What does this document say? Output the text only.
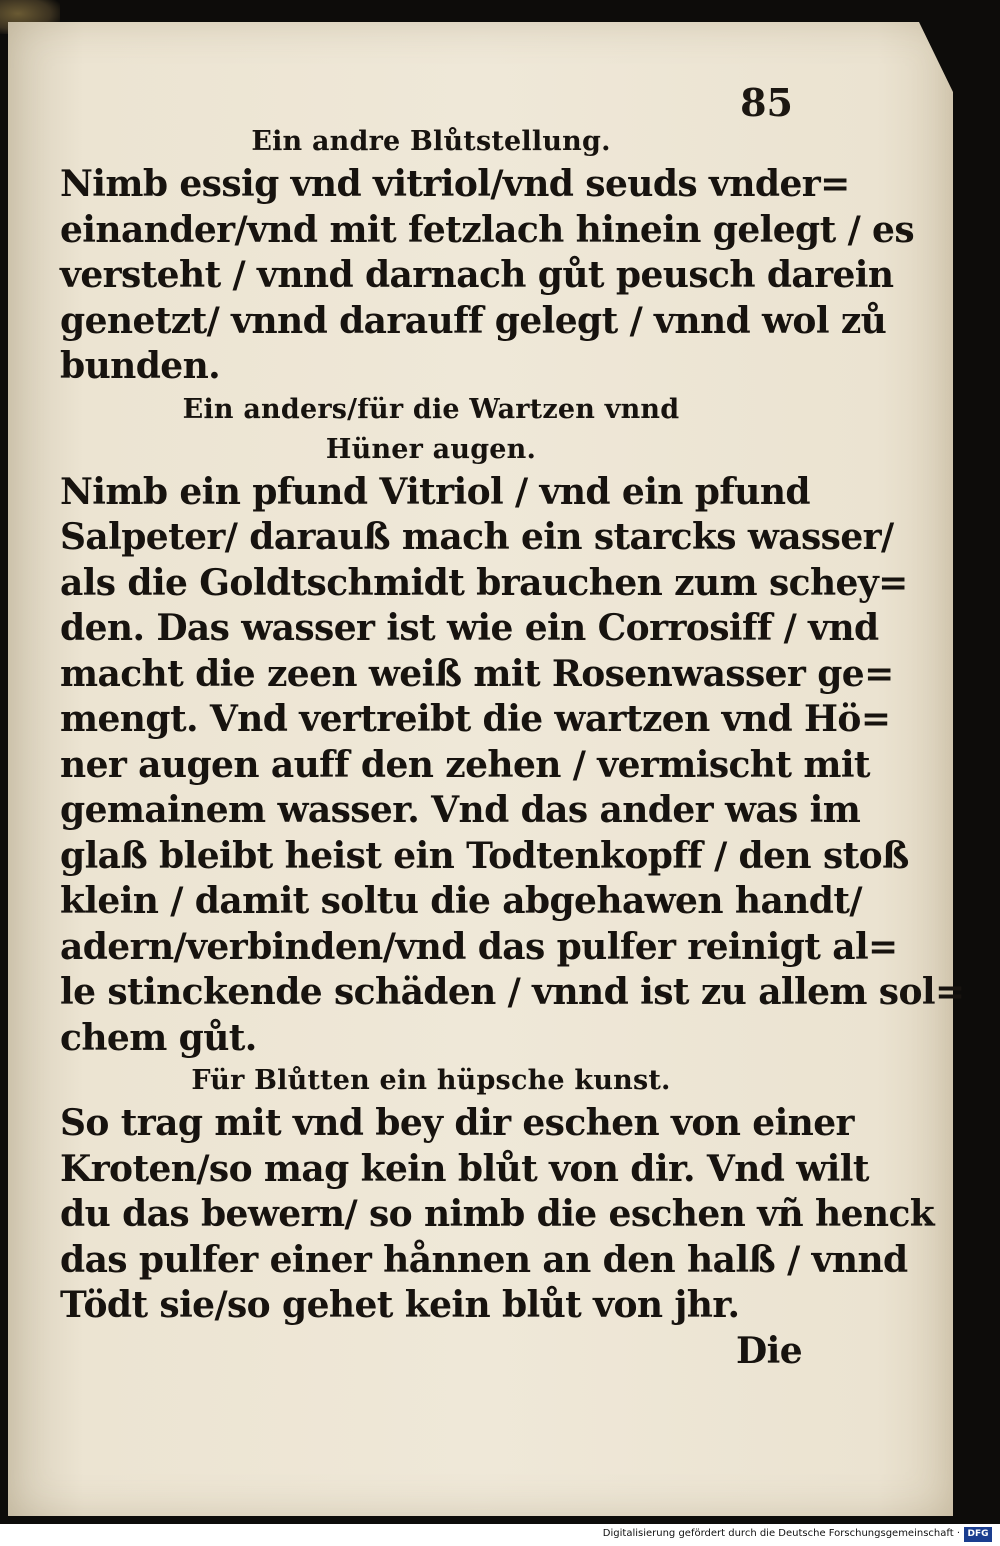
85

Ein andre Blůtstellung.

Nimb essig vnd vitriol/vnd seuds vnder=

einander/vnd mit fetzlach hinein gelegt / es

versteht / vnnd darnach gůt peusch darein

genetzt/ vnnd darauff gelegt / vnnd wol zů

bunden.

Ein anders/für die Wartzen vnnd

Hüner augen.

Nimb ein pfund Vitriol / vnd ein pfund

Salpeter/ darauß mach ein starcks wasser/

als die Goldtschmidt brauchen zum schey=

den. Das wasser ist wie ein Corrosiff / vnd

macht die zeen weiß mit Rosenwasser ge=

mengt. Vnd vertreibt die wartzen vnd Hö=

ner augen auff den zehen / vermischt mit

gemainem wasser. Vnd das ander was im

glaß bleibt heist ein Todtenkopff / den stoß

klein / damit soltu die abgehawen handt/

adern/verbinden/vnd das pulfer reinigt al=

le stinckende schäden / vnnd ist zu allem sol=

chem gůt.

Für Blůtten ein hüpsche kunst.

So trag mit vnd bey dir eschen von einer

Kroten/so mag kein blůt von dir. Vnd wilt

du das bewern/ so nimb die eschen vñ henck

das pulfer einer hånnen an den halß / vnnd

Tödt sie/so gehet kein blůt von jhr.

Die

Digitalisierung gefördert durch die Deutsche Forschungsgemeinschaft · DFG
